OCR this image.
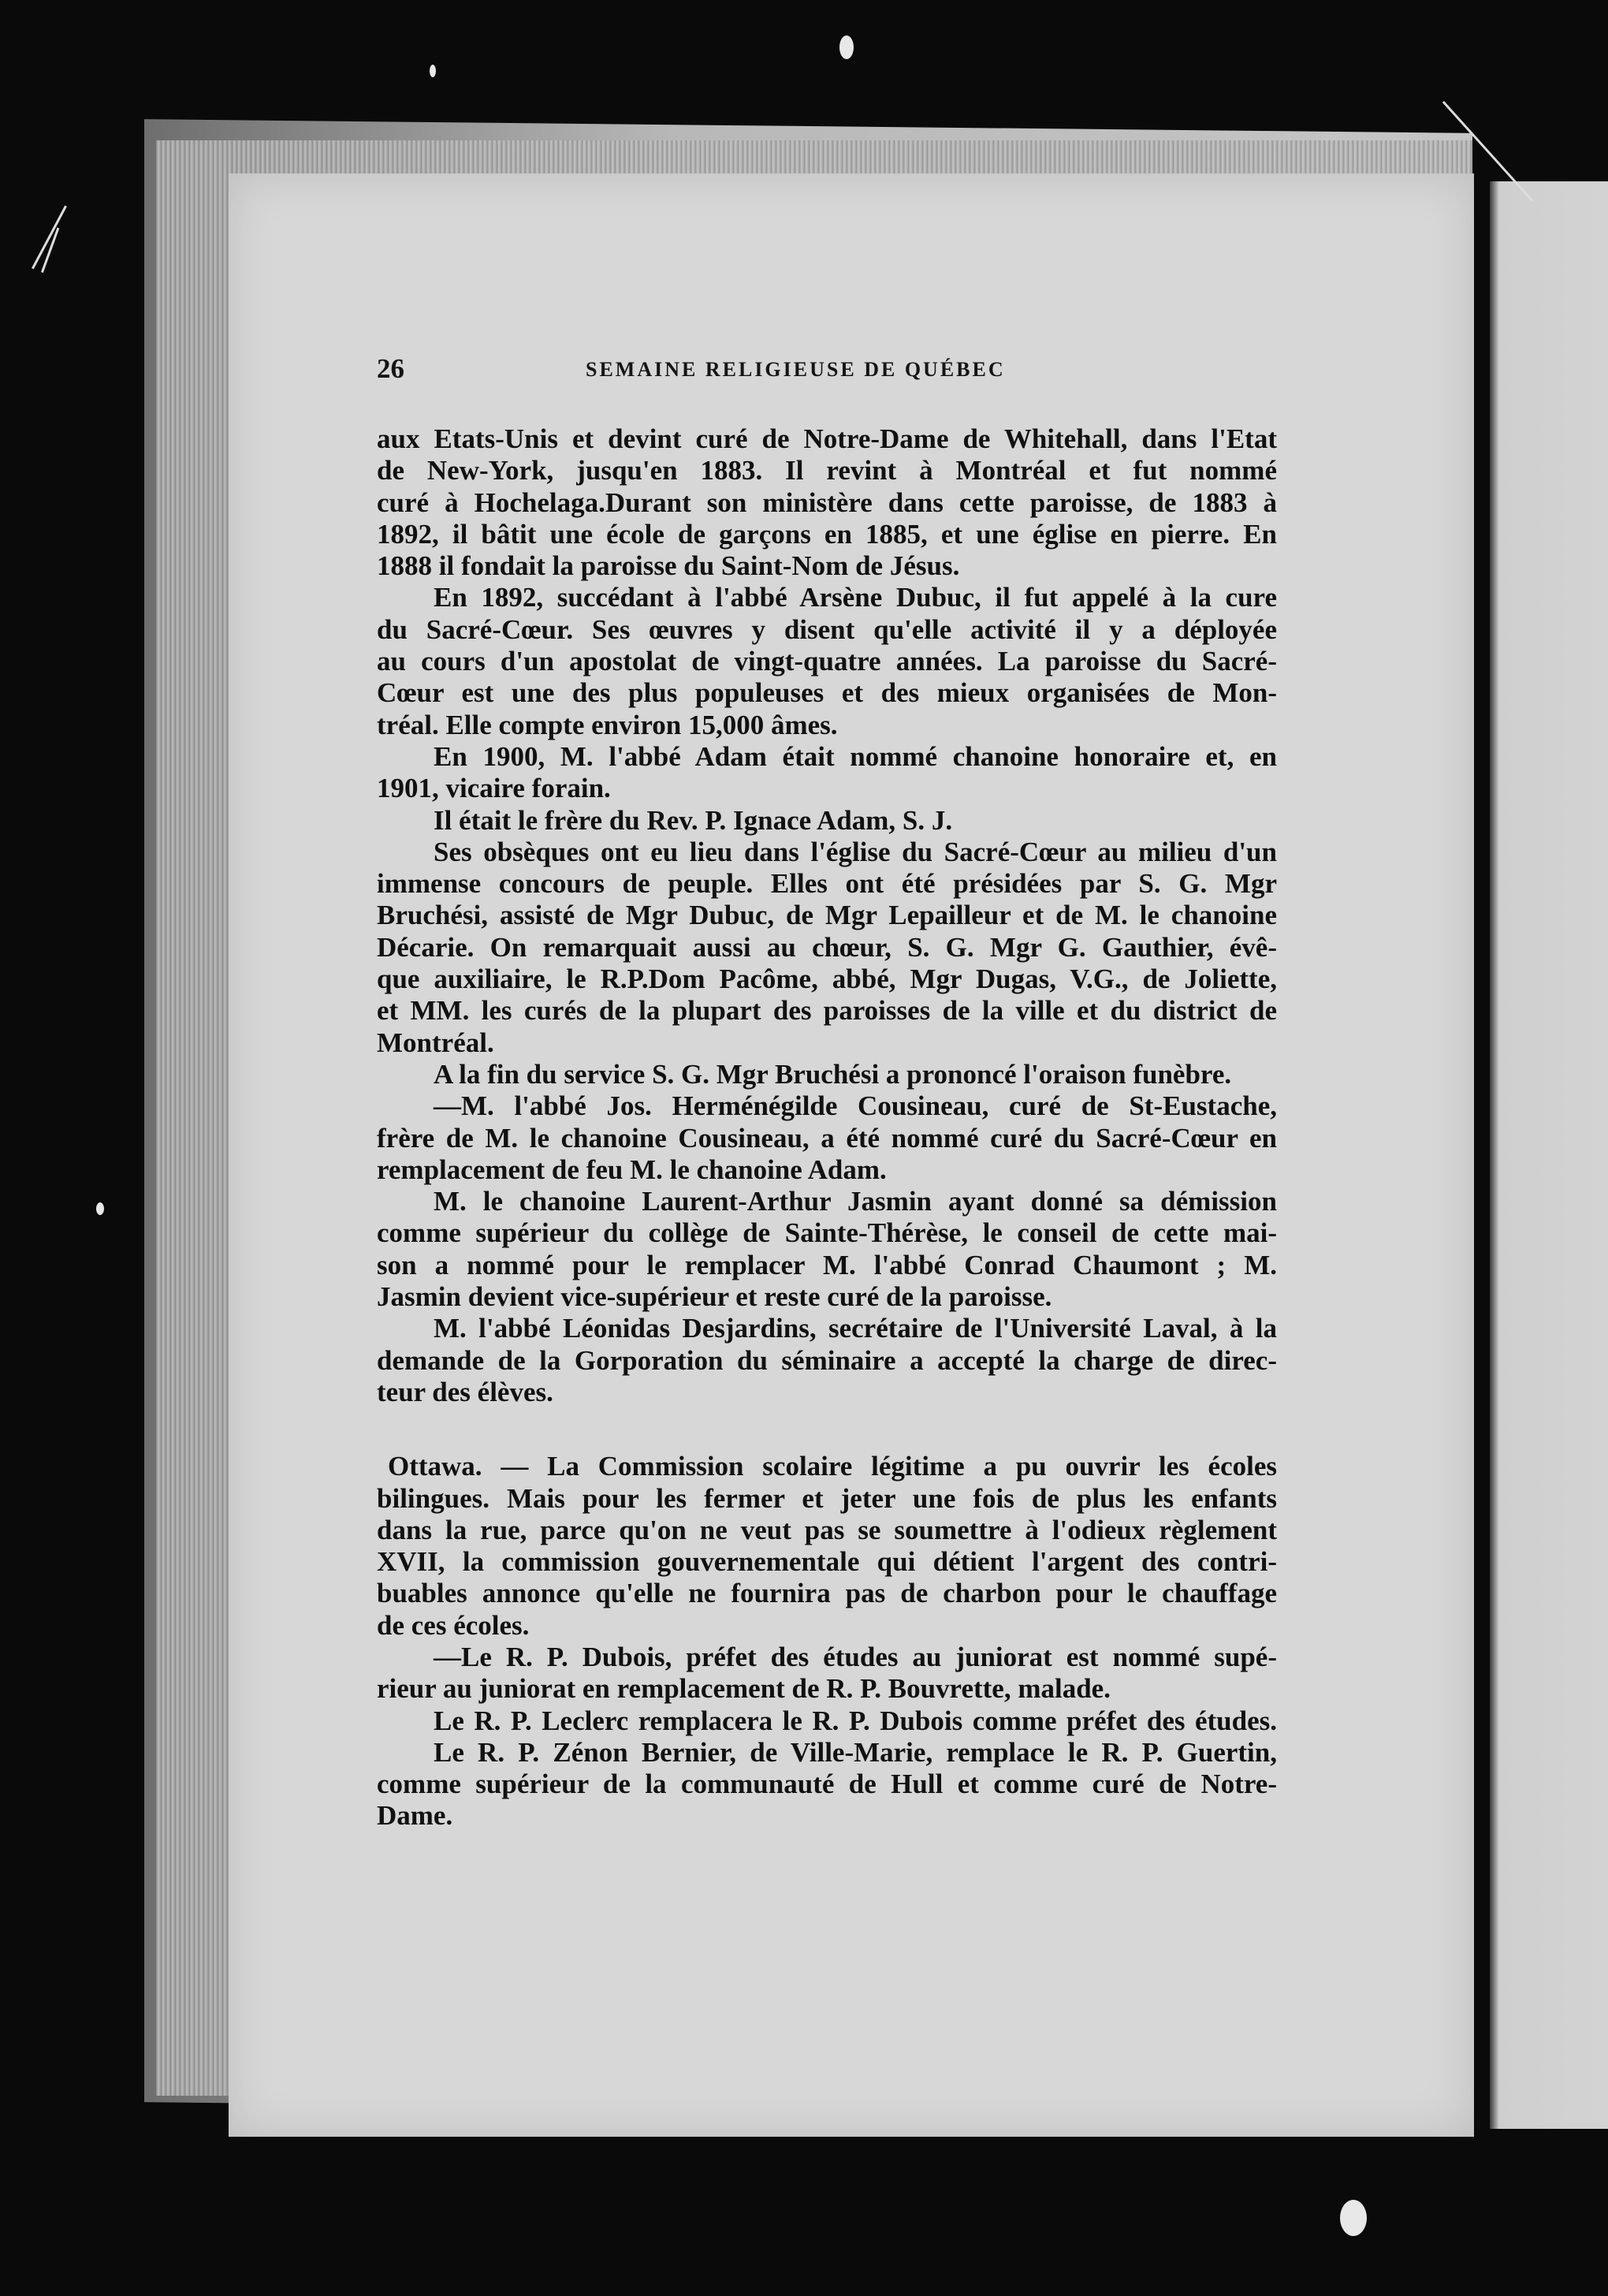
26	SEMAINE RELIGIEUSE DE QUÉBEC
aux Etats-Unis et devint curé de Notre-Dame de Whitehall, dans l'Etat
de New-York, jusqu'en 1883. Il revint à Montréal et fut nommé
curé à Hochelaga.Durant son ministère dans cette paroisse, de 1883 à
1892, il bâtit une école de garçons en 1885, et une église en pierre. En
1888 il fondait la paroisse du Saint-Nom de Jésus.
En 1892, succédant à l'abbé Arsène Dubuc, il fut appelé à la cure
du Sacré-Cœur. Ses œuvres y disent qu'elle activité il y a déployée
au cours d'un apostolat de vingt-quatre années. La paroisse du Sacré-
Cœur est une des plus populeuses et des mieux organisées de Mon-
tréal. Elle compte environ 15,000 âmes.
En 1900, M. l'abbé Adam était nommé chanoine honoraire et, en
1901, vicaire forain.
Il était le frère du Rev. P. Ignace Adam, S. J.
Ses obsèques ont eu lieu dans l'église du Sacré-Cœur au milieu d'un
immense concours de peuple. Elles ont été présidées par S. G. Mgr
Bruchési, assisté de Mgr Dubuc, de Mgr Lepailleur et de M. le chanoine
Décarie. On remarquait aussi au chœur, S. G. Mgr G. Gauthier, évê-
que auxiliaire, le R.P.Dom Pacôme, abbé, Mgr Dugas, V.G., de Joliette,
et MM. les curés de la plupart des paroisses de la ville et du district de
Montréal.
A la fin du service S. G. Mgr Bruchési a prononcé l'oraison funèbre.
—M. l'abbé Jos. Herménégilde Cousineau, curé de St-Eustache,
frère de M. le chanoine Cousineau, a été nommé curé du Sacré-Cœur en
remplacement de feu M. le chanoine Adam.
M. le chanoine Laurent-Arthur Jasmin ayant donné sa démission
comme supérieur du collège de Sainte-Thérèse, le conseil de cette mai-
son a nommé pour le remplacer M. l'abbé Conrad Chaumont ; M.
Jasmin devient vice-supérieur et reste curé de la paroisse.
M. l'abbé Léonidas Desjardins, secrétaire de l'Université Laval, à la
demande de la Gorporation du séminaire a accepté la charge de direc-
teur des élèves.
Ottawa. — La Commission scolaire légitime a pu ouvrir les écoles
bilingues. Mais pour les fermer et jeter une fois de plus les enfants
dans la rue, parce qu'on ne veut pas se soumettre à l'odieux règlement
XVII, la commission gouvernementale qui détient l'argent des contri-
buables annonce qu'elle ne fournira pas de charbon pour le chauffage
de ces écoles.
—Le R. P. Dubois, préfet des études au juniorat est nommé supé-
rieur au juniorat en remplacement de R. P. Bouvrette, malade.
Le R. P. Leclerc remplacera le R. P. Dubois comme préfet des études.
Le R. P. Zénon Bernier, de Ville-Marie, remplace le R. P. Guertin,
comme supérieur de la communauté de Hull et comme curé de Notre-
Dame.
